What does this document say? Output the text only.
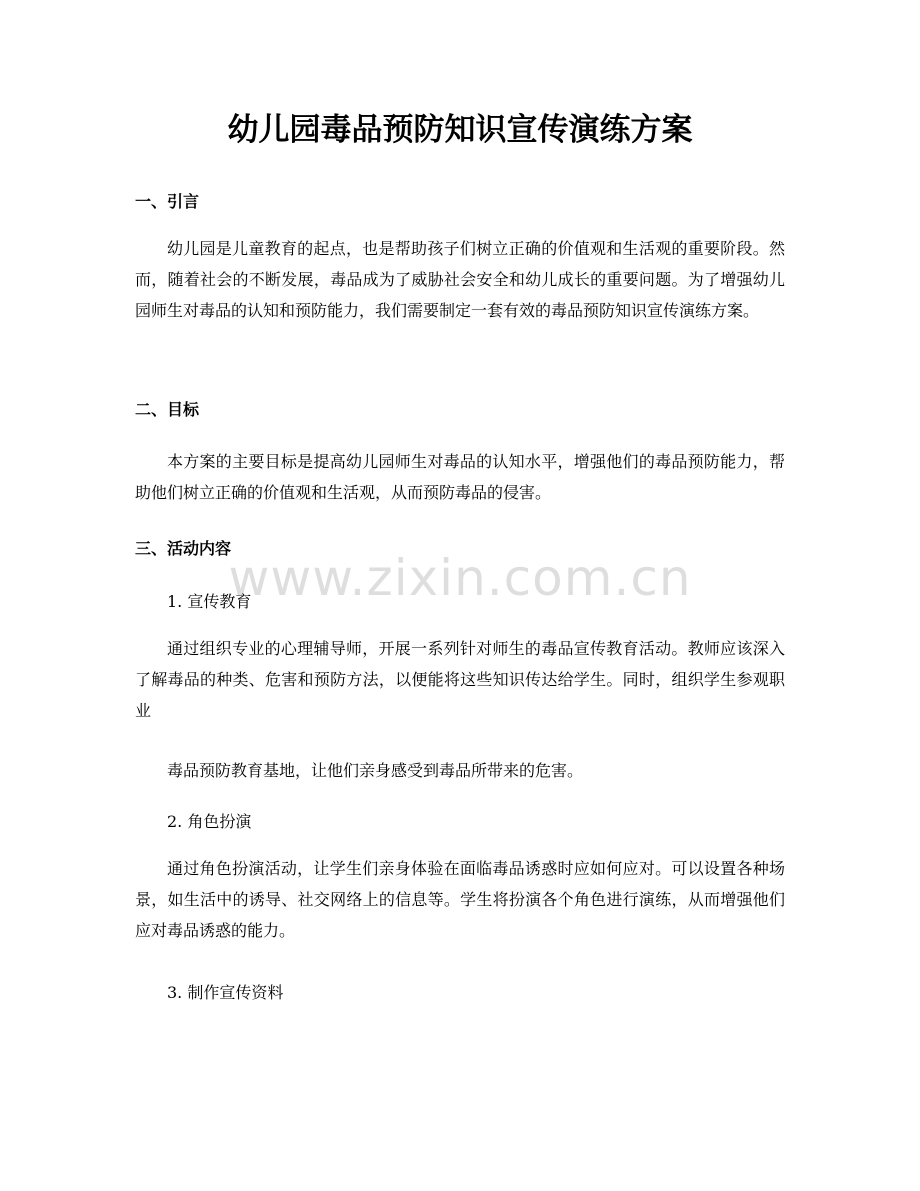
幼儿园毒品预防知识宣传演练方案
一、引言

幼儿园是儿童教育的起点，也是帮助孩子们树立正确的价值观和生活观的重要阶段。然而，随着社会的不断发展，毒品成为了威胁社会安全和幼儿成长的重要问题。为了增强幼儿园师生对毒品的认知和预防能力，我们需要制定一套有效的毒品预防知识宣传演练方案。

二、目标

本方案的主要目标是提高幼儿园师生对毒品的认知水平，增强他们的毒品预防能力，帮助他们树立正确的价值观和生活观，从而预防毒品的侵害。

三、活动内容
1. 宣传教育

通过组织专业的心理辅导师，开展一系列针对师生的毒品宣传教育活动。教师应该深入了解毒品的种类、危害和预防方法，以便能将这些知识传达给学生。同时，组织学生参观职业

毒品预防教育基地，让他们亲身感受到毒品所带来的危害。

2. 角色扮演

通过角色扮演活动，让学生们亲身体验在面临毒品诱惑时应如何应对。可以设置各种场景，如生活中的诱导、社交网络上的信息等。学生将扮演各个角色进行演练，从而增强他们应对毒品诱惑的能力。

3. 制作宣传资料
www.zixin.com.cn
